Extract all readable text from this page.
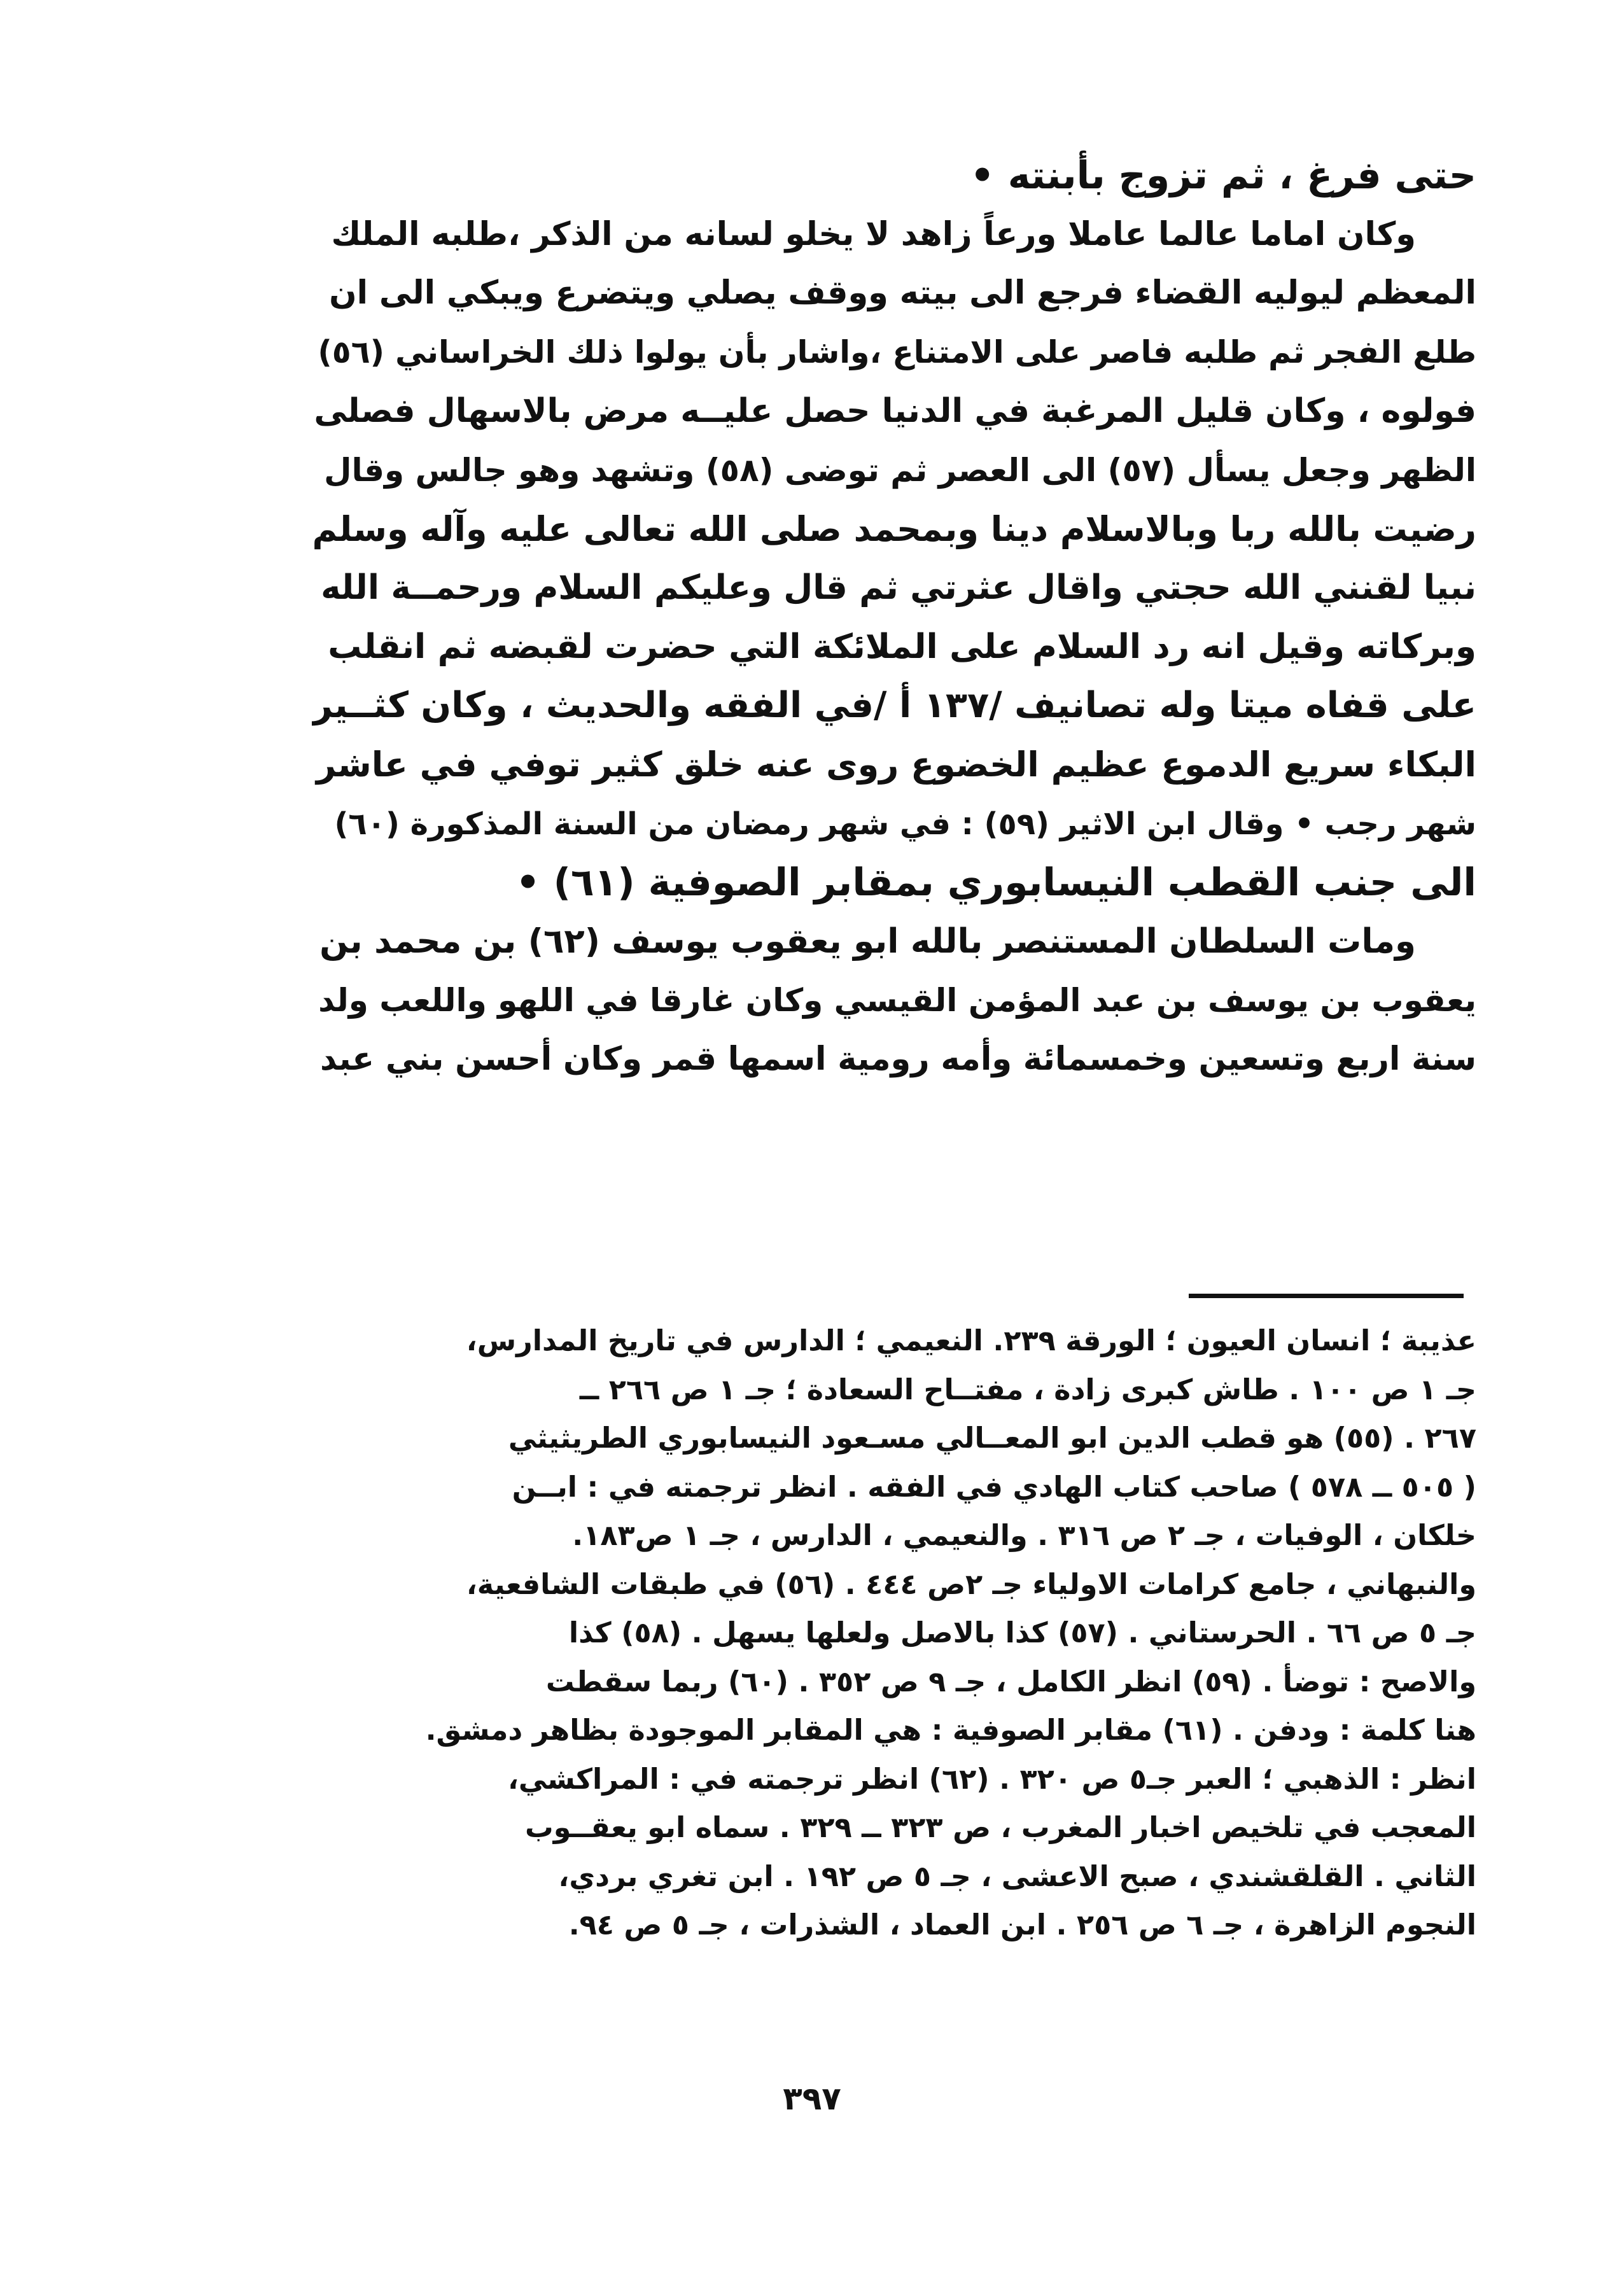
حتى فرغ ، ثم تزوج بأبنته •
وكان اماما عالما عاملا ورعاً زاهد لا يخلو لسانه من الذكر ،طلبه الملك
المعظم ليوليه القضاء فرجع الى بيته ووقف يصلي ويتضرع ويبكي الى ان
طلع الفجر ثم طلبه فاصر على الامتناع ،واشار بأن يولوا ذلك الخراساني (٥٦)
فولوه ، وكان قليل المرغبة في الدنيا حصل عليــه مرض بالاسهال فصلى
الظهر وجعل يسأل (٥٧) الى العصر ثم توضى (٥٨) وتشهد وهو جالس وقال
رضيت بالله ربا وبالاسلام دينا وبمحمد صلى الله تعالى عليه وآله وسلم
نبيا لقنني الله حجتي واقال عثرتي ثم قال وعليكم السلام ورحمــة الله
وبركاته وقيل انه رد السلام على الملائكة التي حضرت لقبضه ثم انقلب
على قفاه ميتا وله تصانيف /١٣٧ أ /في الفقه والحديث ، وكان كثــير
البكاء سريع الدموع عظيم الخضوع روى عنه خلق كثير توفي في عاشر
شهر رجب • وقال ابن الاثير (٥٩) : في شهر رمضان من السنة المذكورة (٦٠)
الى جنب القطب النيسابوري بمقابر الصوفية (٦١) •
ومات السلطان المستنصر بالله ابو يعقوب يوسف (٦٢) بن محمد بن
يعقوب بن يوسف بن عبد المؤمن القيسي وكان غارقا في اللهو واللعب ولد
سنة اربع وتسعين وخمسمائة وأمه رومية اسمها قمر وكان أحسن بني عبد
عذيبة ؛ انسان العيون ؛ الورقة ٢٣٩. النعيمي ؛ الدارس في تاريخ المدارس،
جـ ١ ص ١٠٠ . طاش كبرى زادة ، مفتــاح السعادة ؛ جـ ١ ص ٢٦٦ ــ
٢٦٧ . (٥٥) هو قطب الدين ابو المعــالي مسـعود النيسابوري الطريثيثي
( ٥٠٥ ــ ٥٧٨ ) صاحب كتاب الهادي في الفقه . انظر ترجمته في : ابــن
خلكان ، الوفيات ، جـ ٢ ص ٣١٦ . والنعيمي ، الدارس ، جـ ١ ص١٨٣.
والنبهاني ، جامع كرامات الاولياء جـ ٢ص ٤٤٤ . (٥٦) في طبقات الشافعية،
جـ ٥ ص ٦٦ . الحرستاني . (٥٧) كذا بالاصل ولعلها يسهل . (٥٨) كذا
والاصح : توضأ . (٥٩) انظر الكامل ، جـ ٩ ص ٣٥٢ . (٦٠) ربما سقطت
هنا كلمة : ودفن . (٦١) مقابر الصوفية : هي المقابر الموجودة بظاهر دمشق.
انظر : الذهبي ؛ العبر جـ٥ ص ٣٢٠ . (٦٢) انظر ترجمته في : المراكشي،
المعجب في تلخيص اخبار المغرب ، ص ٣٢٣ ــ ٣٢٩ . سماه ابو يعقــوب
الثاني . القلقشندي ، صبح الاعشى ، جـ ٥ ص ١٩٢ . ابن تغري بردي،
النجوم الزاهرة ، جـ ٦ ص ٢٥٦ . ابن العماد ، الشذرات ، جـ ٥ ص ٩٤.
٣٩٧
